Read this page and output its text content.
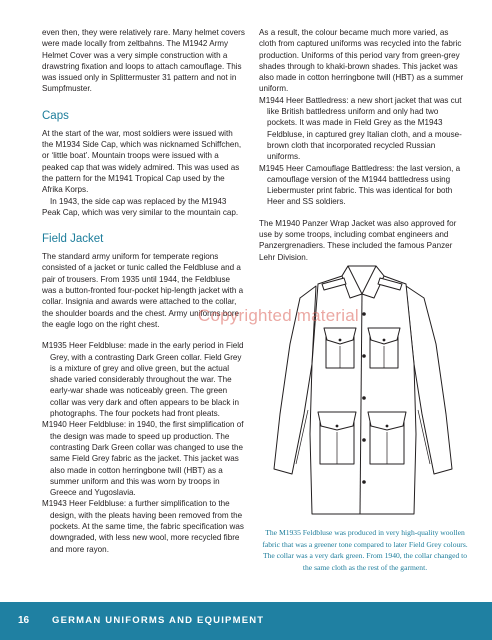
even then, they were relatively rare. Many helmet covers were made locally from zeltbahns. The M1942 Army Helmet Cover was a very simple construction with a drawstring fixation and loops to attach camouflage. This was issued only in Splittermuster 31 pattern and not in Sumpfmuster.

Caps

At the start of the war, most soldiers were issued with the M1934 Side Cap, which was nicknamed Schiffchen, or ‘little boat’. Mountain troops were issued with a peaked cap that was widely admired. This was used as the pattern for the M1941 Tropical Cap used by the Afrika Korps.

In 1943, the side cap was replaced by the M1943 Peak Cap, which was very similar to the mountain cap.

Field Jacket

The standard army uniform for temperate regions consisted of a jacket or tunic called the Feldbluse and a pair of trousers. From 1935 until 1944, the Feldbluse was a button-fronted four-pocket hip-length jacket with a collar. Insignia and awards were attached to the collar, the shoulder boards and the chest. Army uniforms bore the eagle logo on the right chest.

M1935 Heer Feldbluse: made in the early period in Field Grey, with a contrasting Dark Green collar. Field Grey is a mixture of grey and olive green, but the actual shade varied considerably throughout the war. The early-war shade was noticeably green. The green collar was very dark and often appears to be black in photographs. The four pockets had front pleats.

M1940 Heer Feldbluse: in 1940, the first simplification of the design was made to speed up production. The contrasting Dark Green collar was changed to use the same Field Grey fabric as the jacket. This jacket was also made in cotton herringbone twill (HBT) as a summer uniform and this was worn by troops in Greece and Yugoslavia.

M1943 Heer Feldbluse: a further simplification to the design, with the pleats having been removed from the pockets. At the same time, the fabric specification was downgraded, with less new wool, more recycled fibre and more rayon.

As a result, the colour became much more varied, as cloth from captured uniforms was recycled into the fabric production. Uniforms of this period vary from green-grey shades through to khaki-brown shades. This jacket was also made in cotton herringbone twill (HBT) as a summer uniform.

M1944 Heer Battledress: a new short jacket that was cut like British battledress uniform and only had two pockets. It was made in Field Grey as the M1943 Feldbluse, in captured grey Italian cloth, and a mouse-brown cloth that incorporated recycled Russian uniforms.

M1945 Heer Camouflage Battledress: the last version, a camouflage version of the M1944 battledress using Liebermuster print fabric. This was identical for both Heer and SS soldiers.

The M1940 Panzer Wrap Jacket was also approved for use by some troops, including combat engineers and Panzergrenadiers. These included the famous Panzer Lehr Division.

Copyrighted material
The M1935 Feldbluse was produced in very high-quality woollen fabric that was a greener tone compared to later Field Grey colours. The collar was a very dark green. From 1940, the collar changed to the same cloth as the rest of the garment.
16 GERMAN UNIFORMS AND EQUIPMENT
